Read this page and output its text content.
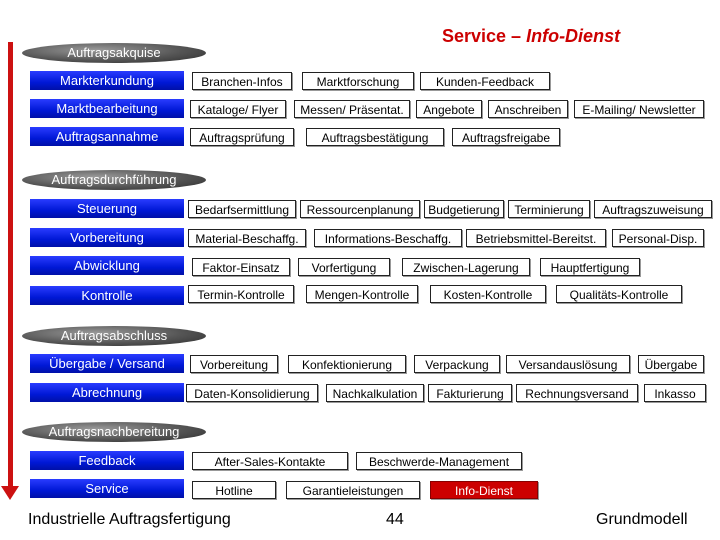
Service – Info-Dienst
Auftragsakquise
Auftragsdurchführung
Auftragsabschluss
Auftragsnachbereitung
Markterkundung	Branchen-Infos	Marktforschung	Kunden-Feedback
Marktbearbeitung	Kataloge/ Flyer	Messen/ Präsentat.	Angebote	Anschreiben	E-Mailing/ Newsletter
Auftragsannahme	Auftragsprüfung	Auftragsbestätigung	Auftragsfreigabe
Steuerung	Bedarfsermittlung	Ressourcenplanung	Budgetierung	Terminierung	Auftragszuweisung
Vorbereitung	Material-Beschaffg.	Informations-Beschaffg.	Betriebsmittel-Bereitst.	Personal-Disp.
Abwicklung	Faktor-Einsatz	Vorfertigung	Zwischen-Lagerung	Hauptfertigung
Kontrolle	Termin-Kontrolle	Mengen-Kontrolle	Kosten-Kontrolle	Qualitäts-Kontrolle
Übergabe / Versand	Vorbereitung	Konfektionierung	Verpackung	Versandauslösung	Übergabe
Abrechnung	Daten-Konsolidierung	Nachkalkulation	Fakturierung	Rechnungsversand	Inkasso
Feedback	After-Sales-Kontakte	Beschwerde-Management
Service	Hotline	Garantieleistungen	Info-Dienst
Industrielle Auftragsfertigung	44	Grundmodell
